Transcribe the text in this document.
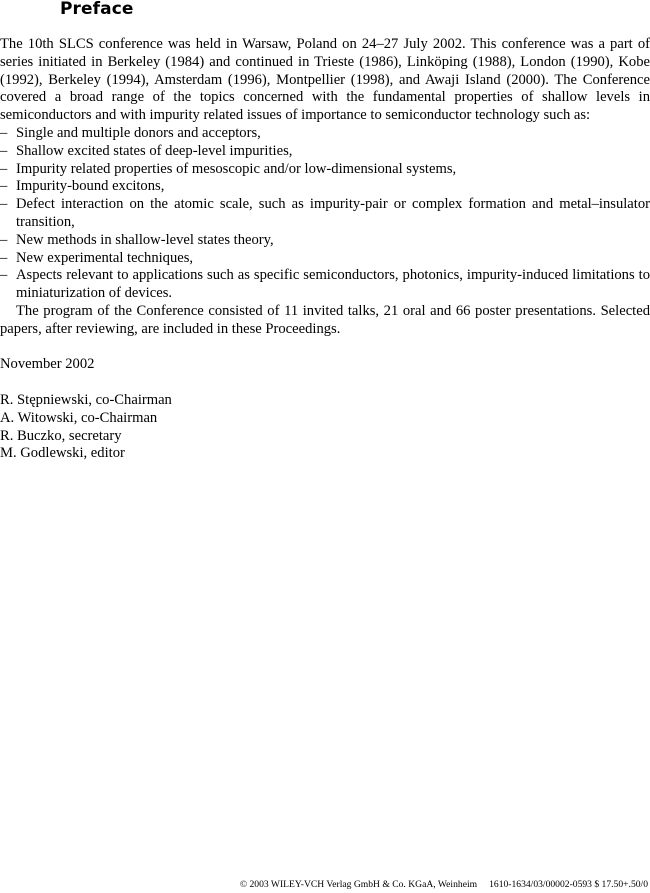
Preface

The 10th SLCS conference was held in Warsaw, Poland on 24–27 July 2002. This conference was a part of series initiated in Berkeley (1984) and continued in Trieste (1986), Linköping (1988), London (1990), Kobe (1992), Berkeley (1994), Amsterdam (1996), Montpellier (1998), and Awaji Island (2000). The Conference covered a broad range of the topics concerned with the fundamental properties of shallow levels in semiconductors and with impurity related issues of importance to semiconductor technology such as:

– Single and multiple donors and acceptors,
– Shallow excited states of deep-level impurities,
– Impurity related properties of mesoscopic and/or low-dimensional systems,
– Impurity-bound excitons,
– Defect interaction on the atomic scale, such as impurity-pair or complex formation and metal–insulator transition,
– New methods in shallow-level states theory,
– New experimental techniques,
– Aspects relevant to applications such as specific semiconductors, photonics, impurity-induced limitations to miniaturization of devices.

The program of the Conference consisted of 11 invited talks, 21 oral and 66 poster presentations. Selected papers, after reviewing, are included in these Proceedings.

November 2002

R. Stępniewski, co-Chairman

A. Witowski, co-Chairman

R. Buczko, secretary

M. Godlewski, editor

© 2003 WILEY-VCH Verlag GmbH & Co. KGaA, Weinheim 1610-1634/03/00002-0593 $ 17.50+.50/0
